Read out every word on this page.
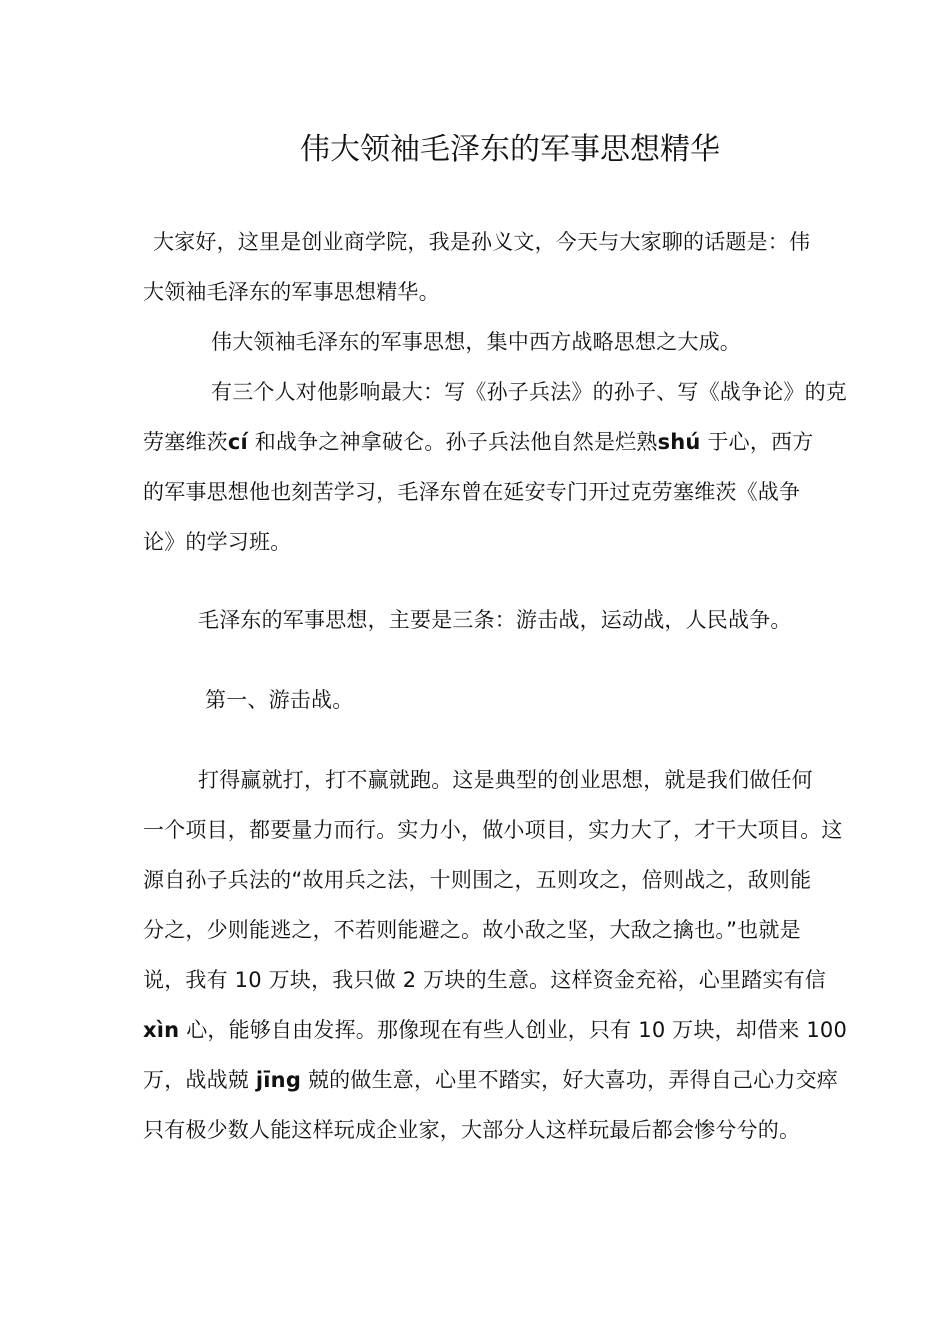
伟大领袖毛泽东的军事思想精华
大家好，这里是创业商学院，我是孙义文，今天与大家聊的话题是：伟
大领袖毛泽东的军事思想精华。
伟大领袖毛泽东的军事思想，集中西方战略思想之大成。
有三个人对他影响最大：写《孙子兵法》的孙子、写《战争论》的克
劳塞维茨cí 和战争之神拿破仑。孙子兵法他自然是烂熟shú 于心，西方
的军事思想他也刻苦学习，毛泽东曾在延安专门开过克劳塞维茨《战争
论》的学习班。
毛泽东的军事思想，主要是三条：游击战，运动战，人民战争。
第一、游击战。
打得赢就打，打不赢就跑。这是典型的创业思想，就是我们做任何
一个项目，都要量力而行。实力小，做小项目，实力大了，才干大项目。这
源自孙子兵法的“故用兵之法，十则围之，五则攻之，倍则战之，敌则能
分之，少则能逃之，不若则能避之。故小敌之坚，大敌之擒也。”也就是
说，我有 10 万块，我只做 2 万块的生意。这样资金充裕，心里踏实有信
xìn 心，能够自由发挥。那像现在有些人创业，只有 10 万块，却借来 100
万，战战兢 jīng 兢的做生意，心里不踏实，好大喜功，弄得自己心力交瘁
只有极少数人能这样玩成企业家，大部分人这样玩最后都会惨兮兮的。
